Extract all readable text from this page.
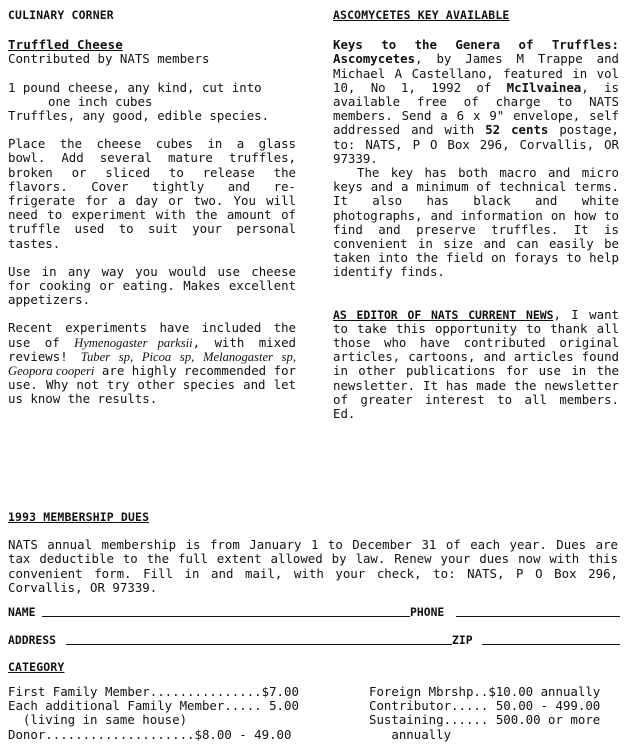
CULINARY CORNER

Truffled Cheese

Contributed by NATS members

1 pound cheese, any kind, cut into

one inch cubes

Truffles, any good, edible species.

Place the cheese cubes in a glass bowl. Add several mature truffles, broken or sliced to release the flavors. Cover tightly and re-frigerate for a day or two. You will need to experiment with the amount of truffle used to suit your personal tastes.

Use in any way you would use cheese for cooking or eating. Makes excellent appetizers.

Recent experiments have included the use of Hymenogaster parksii, with mixed reviews! Tuber sp, Picoa sp, Melanogaster sp, Geopora cooperi are highly recommended for use. Why not try other species and let us know the results.

ASCOMYCETES KEY AVAILABLE

Keys to the Genera of Truffles: Ascomycetes, by James M Trappe and Michael A Castellano, featured in vol 10, No 1, 1992 of McIlvainea, is available free of charge to NATS members. Send a 6 x 9" envelope, self addressed and with 52 cents postage, to: NATS, P O Box 296, Corvallis, OR 97339.

The key has both macro and micro keys and a minimum of technical terms. It also has black and white photographs, and information on how to find and preserve truffles. It is convenient in size and can easily be taken into the field on forays to help identify finds.

AS EDITOR OF NATS CURRENT NEWS, I want to take this opportunity to thank all those who have contributed original articles, cartoons, and articles found in other publications for use in the newsletter. It has made the newsletter of greater interest to all members. Ed.

1993 MEMBERSHIP DUES

NATS annual membership is from January 1 to December 31 of each year. Dues are tax deductible to the full extent allowed by law. Renew your dues now with this convenient form. Fill in and mail, with your check, to: NATS, P O Box 296, Corvallis, OR 97339.

NAME	PHONE
ADDRESS	ZIP
CATEGORY
First Family Member...............$7.00
Each additional Family Member..... 5.00
(living in same house)
Donor....................$8.00 - 49.00
Foreign Mbrshp..$10.00 annually
Contributor..... 50.00 - 499.00
Sustaining...... 500.00 or more
annually
